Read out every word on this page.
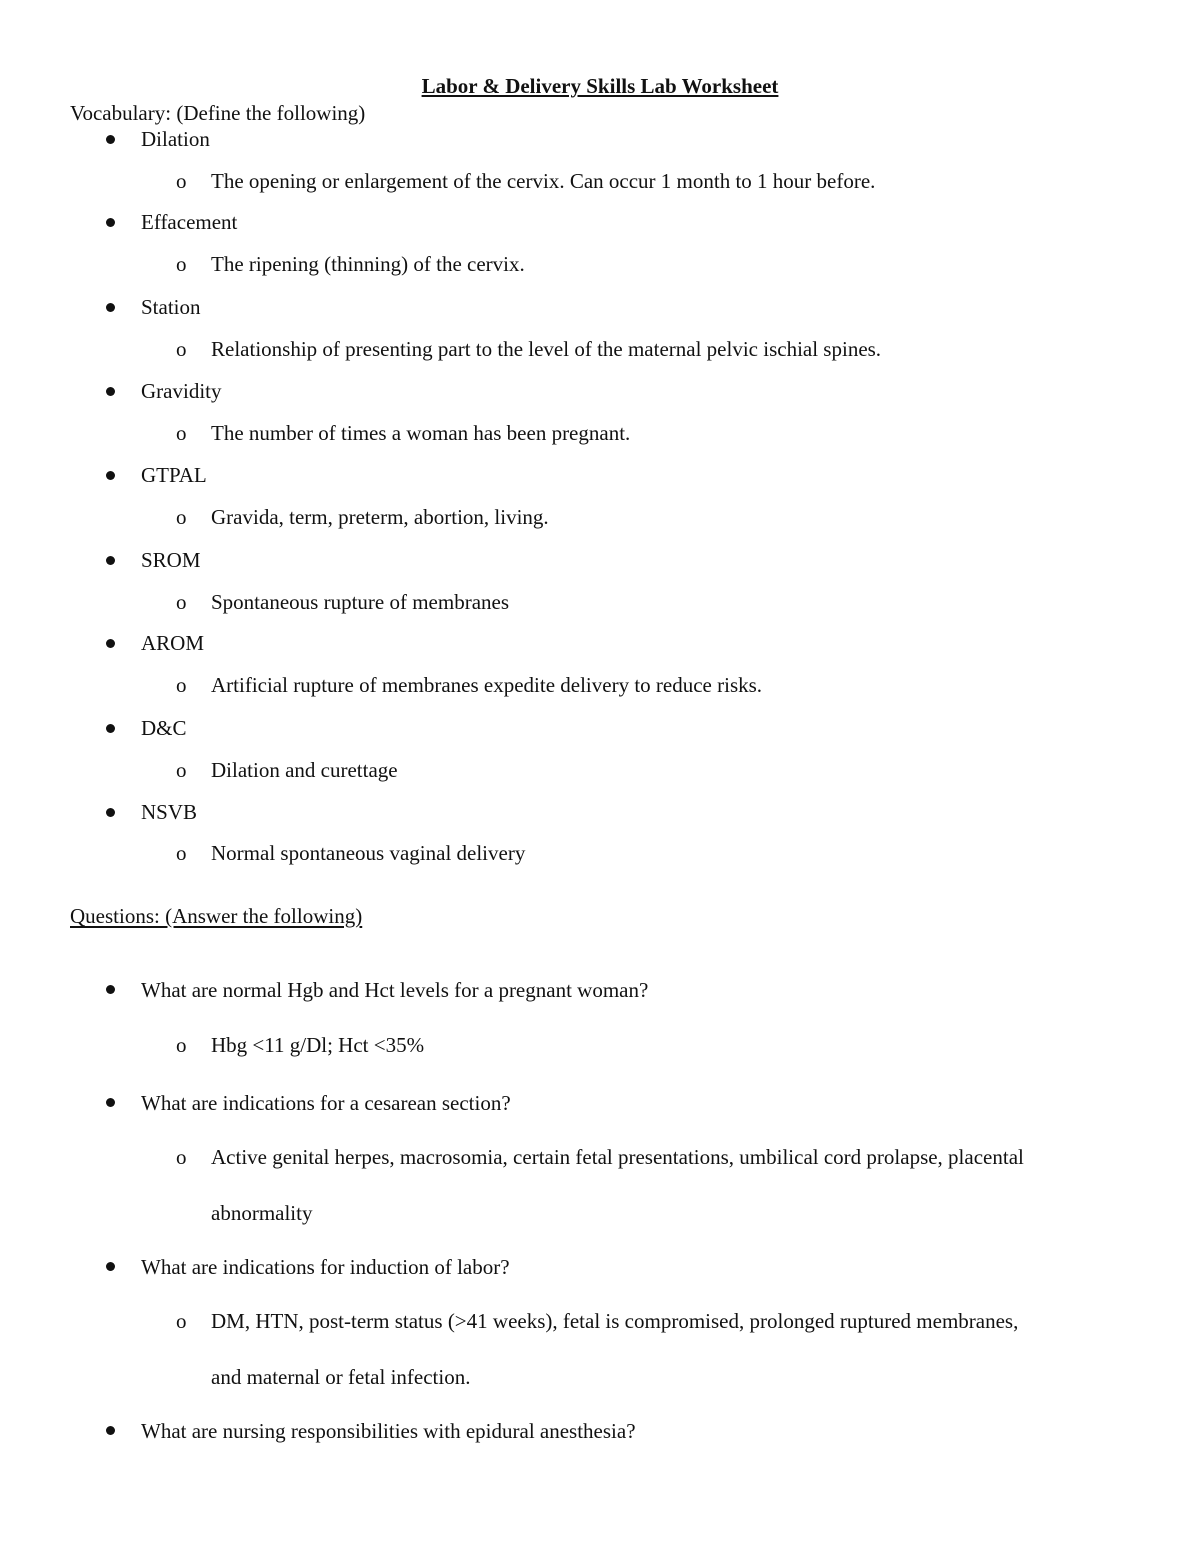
Labor & Delivery Skills Lab Worksheet
Vocabulary: (Define the following)
Dilation
o The opening or enlargement of the cervix. Can occur 1 month to 1 hour before.
Effacement
o The ripening (thinning) of the cervix.
Station
o Relationship of presenting part to the level of the maternal pelvic ischial spines.
Gravidity
o The number of times a woman has been pregnant.
GTPAL
o Gravida, term, preterm, abortion, living.
SROM
o Spontaneous rupture of membranes
AROM
o Artificial rupture of membranes expedite delivery to reduce risks.
D&C
o Dilation and curettage
NSVB
o Normal spontaneous vaginal delivery
Questions: (Answer the following)
What are normal Hgb and Hct levels for a pregnant woman?
o Hbg <11 g/Dl; Hct <35%
What are indications for a cesarean section?
o Active genital herpes, macrosomia, certain fetal presentations, umbilical cord prolapse, placental
abnormality
What are indications for induction of labor?
o DM, HTN, post-term status (>41 weeks), fetal is compromised, prolonged ruptured membranes,
and maternal or fetal infection.
What are nursing responsibilities with epidural anesthesia?
